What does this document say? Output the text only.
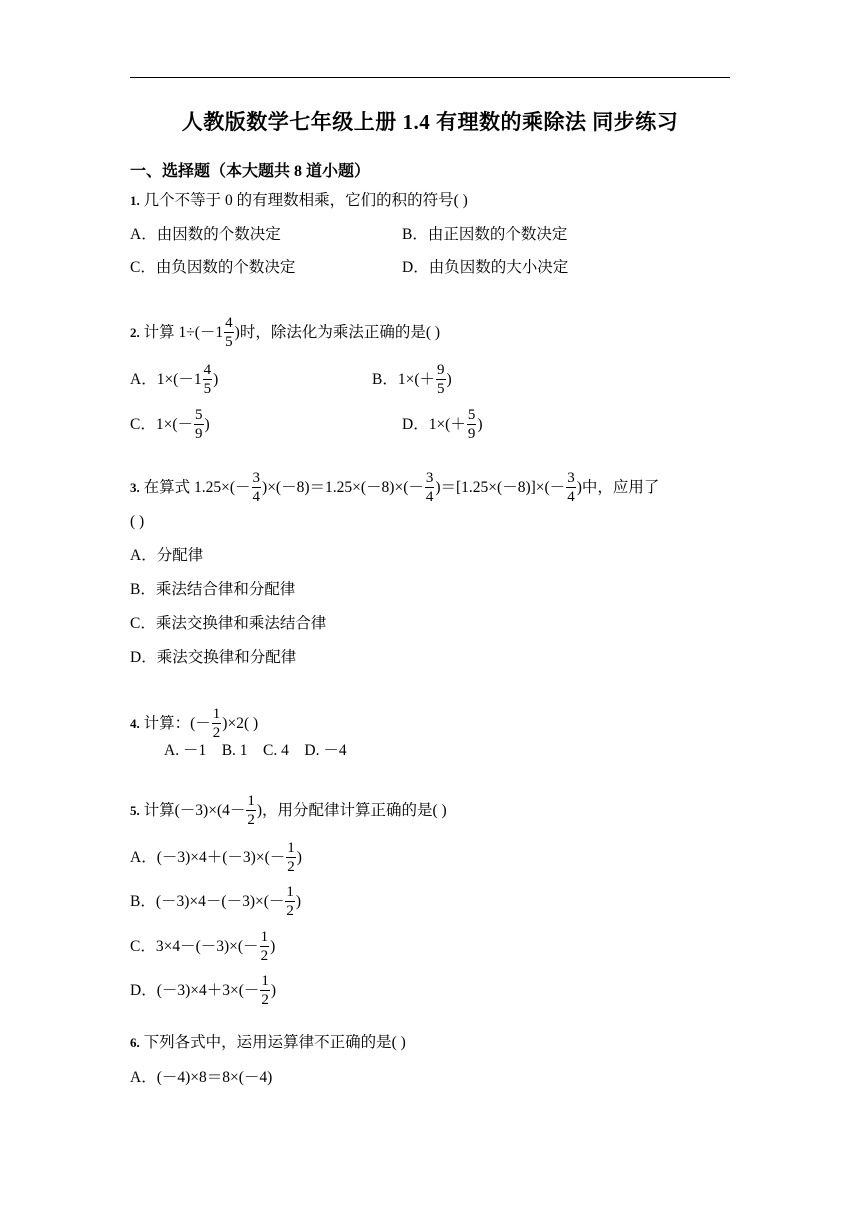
人教版数学七年级上册 1.4 有理数的乘除法 同步练习
一、选择题（本大题共 8 道小题）
1. 几个不等于 0 的有理数相乘，它们的积的符号( )
A．由因数的个数决定	B．由正因数的个数决定
C．由负因数的个数决定	D．由负因数的大小决定
2. 计算 $1\div(-1 \frac{4}{5}$ )时，除法化为乘法正确的是( )
A．$1\times(-1 \frac{4}{5}$ )	B．$1\times(+ \frac{9}{5}$ )
C．$1\times(- \frac{5}{9}$ )	D．$1\times(+ \frac{5}{9}$ )
3. 在算式 $1.25\times(- \frac{3}{4} )\times(-8)=1.25\times(-8)\times(- \frac{3}{4} )=[1.25\times(-8)]\times(- \frac{3}{4}$ )中，应用了
( )
A．分配律
B．乘法结合律和分配律
C．乘法交换律和乘法结合律
D．乘法交换律和分配律
4. 计算：(－ $\frac{1}{2} )\times 2$( )
A. －1    B. 1    C. 4    D. －4
5. 计算$(-3)\times(4- \frac{1}{2}$ )，用分配律计算正确的是( )
A．$(-3)\times 4+(-3)\times(- \frac{1}{2}$ )
B．$(-3)\times 4-(-3)\times(- \frac{1}{2}$ )
C．$3\times 4-(-3)\times(- \frac{1}{2}$ )
D．$(-3)\times 4+3\times(- \frac{1}{2}$ )
6. 下列各式中，运用运算律不正确的是( )
A．(－4)×8＝8×(－4)
